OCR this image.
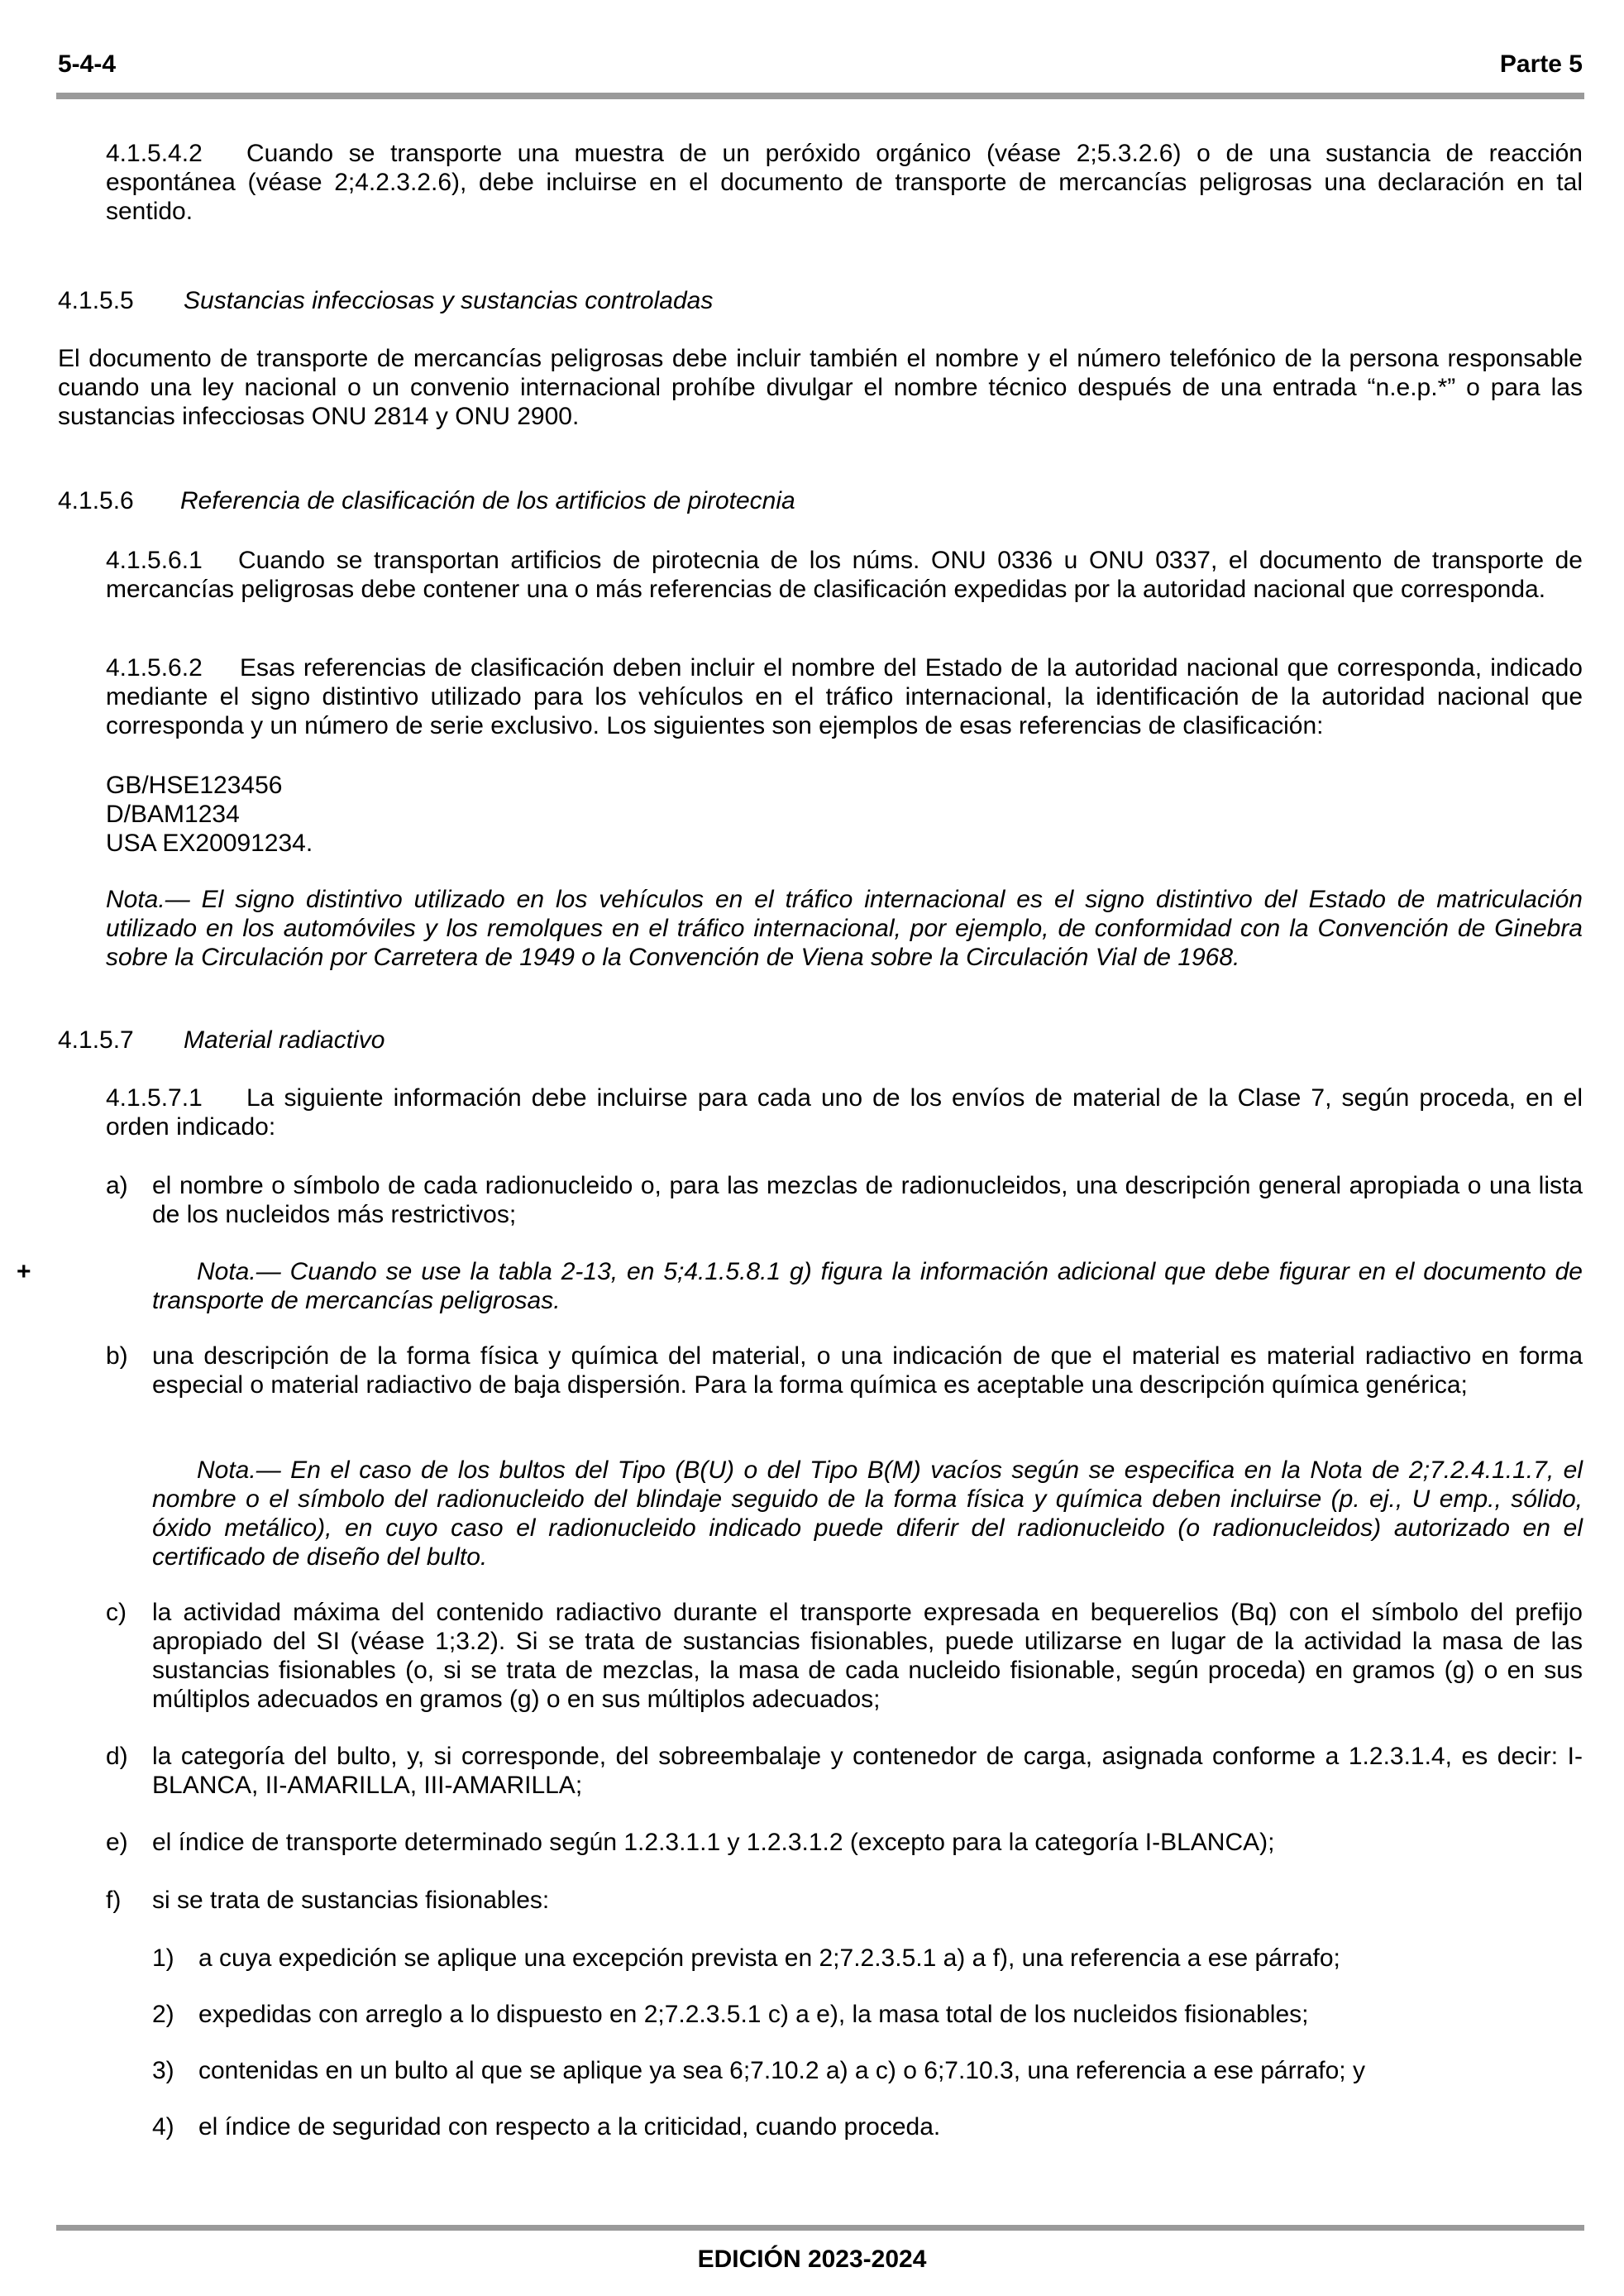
5-4-4	Parte 5
+

4.1.5.4.2 Cuando se transporte una muestra de un peróxido orgánico (véase 2;5.3.2.6) o de una sustancia de reacción espontánea (véase 2;4.2.3.2.6), debe incluirse en el documento de transporte de mercancías peligrosas una declaración en tal sentido.

4.1.5.5 Sustancias infecciosas y sustancias controladas

El documento de transporte de mercancías peligrosas debe incluir también el nombre y el número telefónico de la persona responsable cuando una ley nacional o un convenio internacional prohíbe divulgar el nombre técnico después de una entrada “n.e.p.*” o para las sustancias infecciosas ONU 2814 y ONU 2900.

4.1.5.6 Referencia de clasificación de los artificios de pirotecnia

4.1.5.6.1 Cuando se transportan artificios de pirotecnia de los núms. ONU 0336 u ONU 0337, el documento de transporte de mercancías peligrosas debe contener una o más referencias de clasificación expedidas por la autoridad nacional que corresponda.

4.1.5.6.2 Esas referencias de clasificación deben incluir el nombre del Estado de la autoridad nacional que corresponda, indicado mediante el signo distintivo utilizado para los vehículos en el tráfico internacional, la identificación de la autoridad nacional que corresponda y un número de serie exclusivo. Los siguientes son ejemplos de esas referencias de clasificación:

GB/HSE123456
D/BAM1234
USA EX20091234.

Nota.— El signo distintivo utilizado en los vehículos en el tráfico internacional es el signo distintivo del Estado de matriculación utilizado en los automóviles y los remolques en el tráfico internacional, por ejemplo, de conformidad con la Convención de Ginebra sobre la Circulación por Carretera de 1949 o la Convención de Viena sobre la Circulación Vial de 1968.

4.1.5.7 Material radiactivo

4.1.5.7.1 La siguiente información debe incluirse para cada uno de los envíos de material de la Clase 7, según proceda, en el orden indicado:

a) el nombre o símbolo de cada radionucleido o, para las mezclas de radionucleidos, una descripción general apropiada o una lista de los nucleidos más restrictivos;

Nota.— Cuando se use la tabla 2-13, en 5;4.1.5.8.1 g) figura la información adicional que debe figurar en el documento de transporte de mercancías peligrosas.
b) una descripción de la forma física y química del material, o una indicación de que el material es material radiactivo en forma especial o material radiactivo de baja dispersión. Para la forma química es aceptable una descripción química genérica;

Nota.— En el caso de los bultos del Tipo (B(U) o del Tipo B(M) vacíos según se especifica en la Nota de 2;7.2.4.1.1.7, el nombre o el símbolo del radionucleido del blindaje seguido de la forma física y química deben incluirse (p. ej., U emp., sólido, óxido metálico), en cuyo caso el radionucleido indicado puede diferir del radionucleido (o radionucleidos) autorizado en el certificado de diseño del bulto.
c) la actividad máxima del contenido radiactivo durante el transporte expresada en bequerelios (Bq) con el símbolo del prefijo apropiado del SI (véase 1;3.2). Si se trata de sustancias fisionables, puede utilizarse en lugar de la actividad la masa de las sustancias fisionables (o, si se trata de mezclas, la masa de cada nucleido fisionable, según proceda) en gramos (g) o en sus múltiplos adecuados en gramos (g) o en sus múltiplos adecuados;

d) la categoría del bulto, y, si corresponde, del sobreembalaje y contenedor de carga, asignada conforme a 1.2.3.1.4, es decir: I-BLANCA, II-AMARILLA, III-AMARILLA;

e) el índice de transporte determinado según 1.2.3.1.1 y 1.2.3.1.2 (excepto para la categoría I-BLANCA);

f) si se trata de sustancias fisionables:

1) a cuya expedición se aplique una excepción prevista en 2;7.2.3.5.1 a) a f), una referencia a ese párrafo;

2) expedidas con arreglo a lo dispuesto en 2;7.2.3.5.1 c) a e), la masa total de los nucleidos fisionables;

3) contenidas en un bulto al que se aplique ya sea 6;7.10.2 a) a c) o 6;7.10.3, una referencia a ese párrafo; y

4) el índice de seguridad con respecto a la criticidad, cuando proceda.

EDICIÓN 2023-2024
